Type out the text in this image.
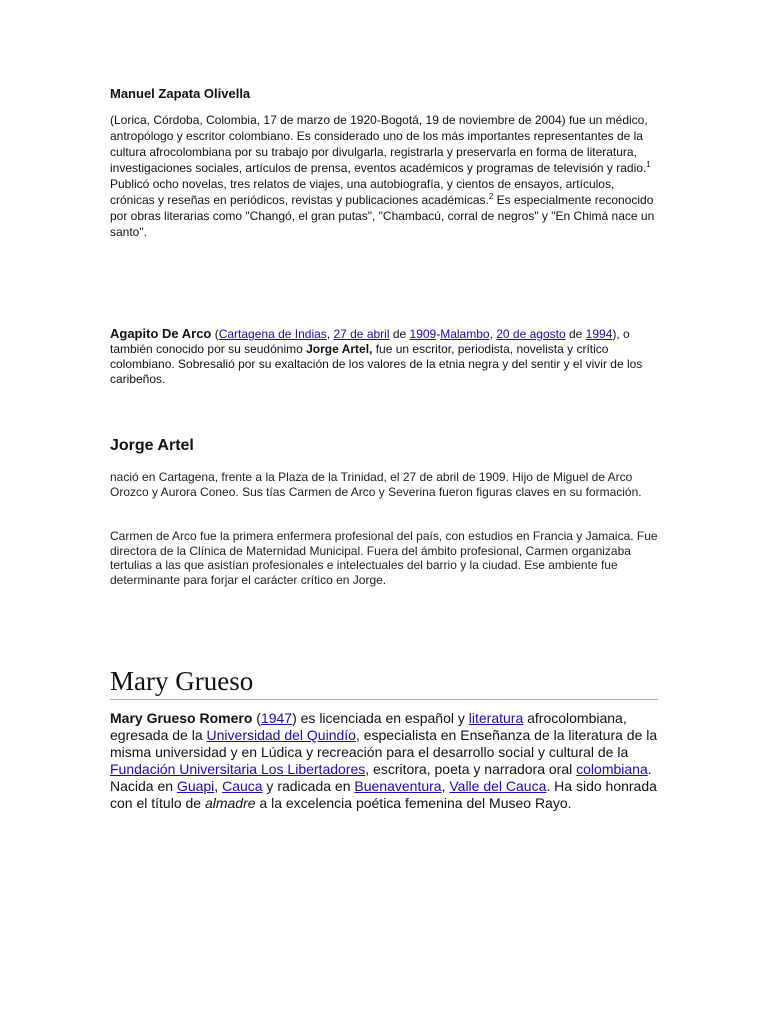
Manuel Zapata Olivella

(Lorica, Córdoba, Colombia, 17 de marzo de 1920-Bogotá, 19 de noviembre de 2004) fue un médico, antropólogo y escritor colombiano. Es considerado uno de los más importantes representantes de la cultura afrocolombiana por su trabajo por divulgarla, registrarla y preservarla en forma de literatura, investigaciones sociales, artículos de prensa, eventos académicos y programas de televisión y radio.$^1$ Publicó ocho novelas, tres relatos de viajes, una autobiografía, y cientos de ensayos, artículos, crónicas y reseñas en periódicos, revistas y publicaciones académicas.$^2$ Es especialmente reconocido por obras literarias como "Changó, el gran putas", "Chambacú, corral de negros" y "En Chimá nace un santo".

Agapito De Arco (Cartagena de Indias, 27 de abril de 1909-Malambo, 20 de agosto de 1994), o también conocido por su seudónimo Jorge Artel, fue un escritor, periodista, novelista y crítico colombiano. Sobresalió por su exaltación de los valores de la etnia negra y del sentir y el vivir de los caribeños.

Jorge Artel

nació en Cartagena, frente a la Plaza de la Trinidad, el 27 de abril de 1909. Hijo de Miguel de Arco Orozco y Aurora Coneo. Sus tías Carmen de Arco y Severina fueron figuras claves en su formación.

Carmen de Arco fue la primera enfermera profesional del país, con estudios en Francia y Jamaica. Fue directora de la Clínica de Maternidad Municipal. Fuera del ámbito profesional, Carmen organizaba tertulias a las que asistían profesionales e intelectuales del barrio y la ciudad. Ese ambiente fue determinante para forjar el carácter crítico en Jorge.

Mary Grueso

Mary Grueso Romero (1947) es licenciada en español y literatura afrocolombiana, egresada de la Universidad del Quindío, especialista en Enseñanza de la literatura de la misma universidad y en Lúdica y recreación para el desarrollo social y cultural de la Fundación Universitaria Los Libertadores, escritora, poeta y narradora oral colombiana. Nacida en Guapi, Cauca y radicada en Buenaventura, Valle del Cauca. Ha sido honrada con el título de almadre a la excelencia poética femenina del Museo Rayo.
